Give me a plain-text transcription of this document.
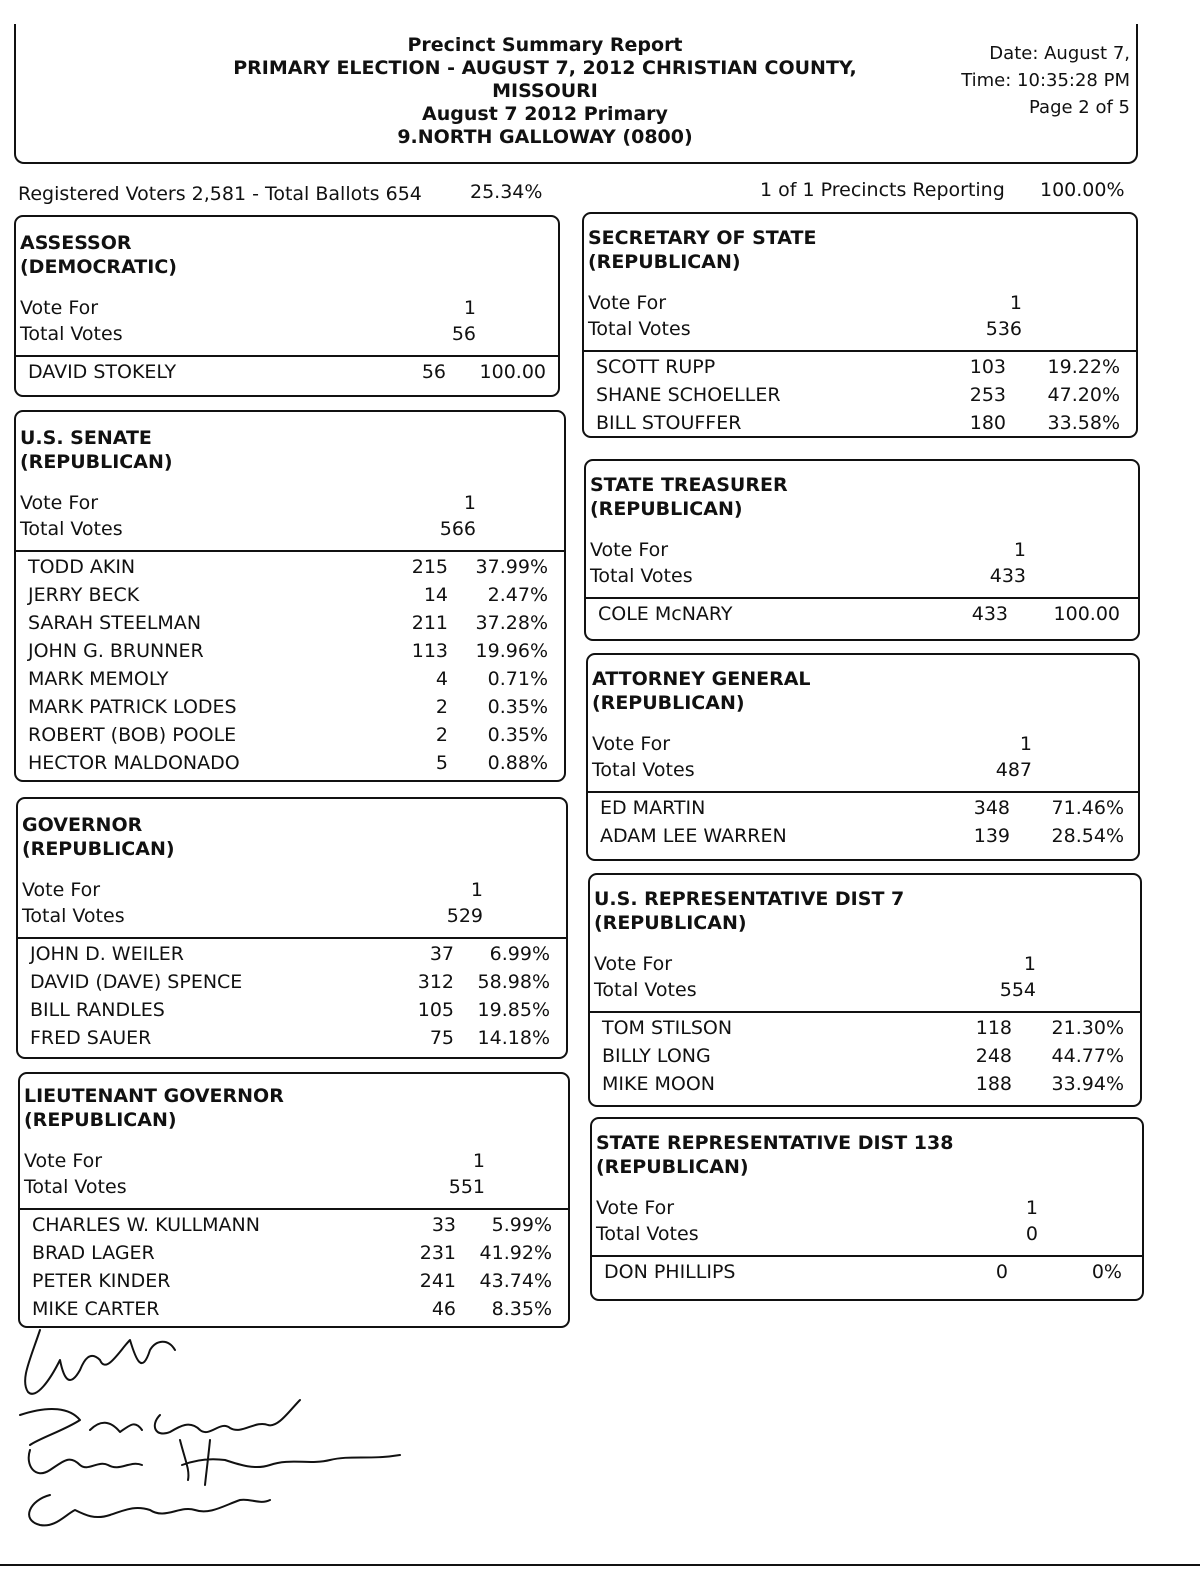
Precinct Summary Report
PRIMARY ELECTION - AUGUST 7, 2012 CHRISTIAN COUNTY,
MISSOURI
August 7 2012 Primary
9.NORTH GALLOWAY (0800)
Date: August 7,
Time: 10:35:28 PM
Page 2 of 5
Registered Voters 2,581 - Total Ballots 654	25.34%	1 of 1 Precincts Reporting 100.00%
ASSESSOR
(DEMOCRATIC)
Vote For	1
Total Votes	56
DAVID STOKELY	56	100.00
U.S. SENATE
(REPUBLICAN)
Vote For	1
Total Votes	566
TODD AKIN	215	37.99%
JERRY BECK	14	2.47%
SARAH STEELMAN	211	37.28%
JOHN G. BRUNNER	113	19.96%
MARK MEMOLY	4	0.71%
MARK PATRICK LODES	2	0.35%
ROBERT (BOB) POOLE	2	0.35%
HECTOR MALDONADO	5	0.88%
GOVERNOR
(REPUBLICAN)
Vote For	1
Total Votes	529
JOHN D. WEILER	37	6.99%
DAVID (DAVE) SPENCE	312	58.98%
BILL RANDLES	105	19.85%
FRED SAUER	75	14.18%
LIEUTENANT GOVERNOR
(REPUBLICAN)
Vote For	1
Total Votes	551
CHARLES W. KULLMANN	33	5.99%
BRAD LAGER	231	41.92%
PETER KINDER	241	43.74%
MIKE CARTER	46	8.35%
SECRETARY OF STATE
(REPUBLICAN)
Vote For	1
Total Votes	536
SCOTT RUPP	103	19.22%
SHANE SCHOELLER	253	47.20%
BILL STOUFFER	180	33.58%
STATE TREASURER
(REPUBLICAN)
Vote For	1
Total Votes	433
COLE McNARY	433	100.00
ATTORNEY GENERAL
(REPUBLICAN)
Vote For	1
Total Votes	487
ED MARTIN	348	71.46%
ADAM LEE WARREN	139	28.54%
U.S. REPRESENTATIVE DIST 7
(REPUBLICAN)
Vote For	1
Total Votes	554
TOM STILSON	118	21.30%
BILLY LONG	248	44.77%
MIKE MOON	188	33.94%
STATE REPRESENTATIVE DIST 138
(REPUBLICAN)
Vote For	1
Total Votes	0
DON PHILLIPS	0	0%
